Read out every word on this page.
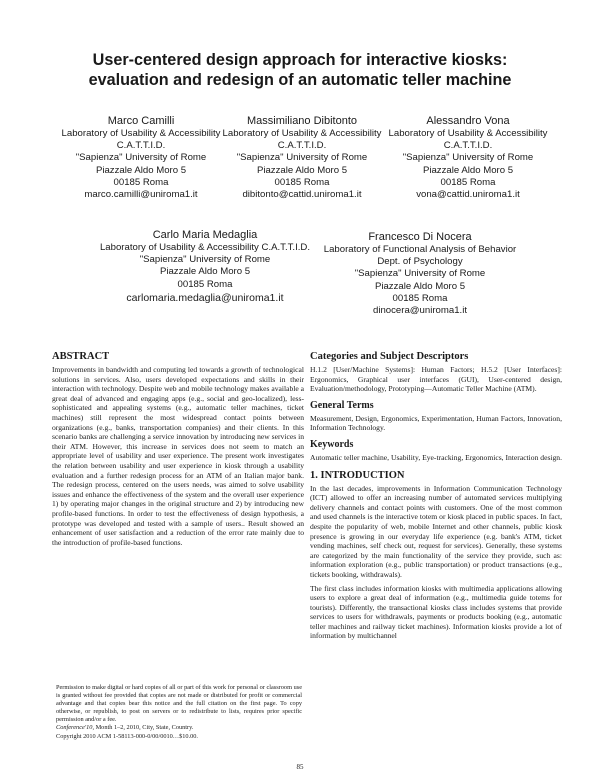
User-centered design approach for interactive kiosks:
evaluation and redesign of an automatic teller machine
Marco Camilli
Laboratory of Usability & Accessibility
C.A.T.T.I.D.
"Sapienza" University of Rome
Piazzale Aldo Moro 5
00185 Roma
marco.camilli@uniroma1.it
Massimiliano Dibitonto
Laboratory of Usability & Accessibility
C.A.T.T.I.D.
"Sapienza" University of Rome
Piazzale Aldo Moro 5
00185 Roma
dibitonto@cattid.uniroma1.it
Alessandro Vona
Laboratory of Usability & Accessibility
C.A.T.T.I.D.
"Sapienza" University of Rome
Piazzale Aldo Moro 5
00185 Roma
vona@cattid.uniroma1.it
Carlo Maria Medaglia
Laboratory of Usability & Accessibility C.A.T.T.I.D.
"Sapienza" University of Rome
Piazzale Aldo Moro 5
00185 Roma
carlomaria.medaglia@uniroma1.it
Francesco Di Nocera
Laboratory of Functional Analysis of Behavior
Dept. of Psychology
"Sapienza" University of Rome
Piazzale Aldo Moro 5
00185 Roma
dinocera@uniroma1.it
ABSTRACT

Improvements in bandwidth and computing led towards a growth of technological solutions in services. Also, users developed expectations and skills in their interaction with technology. Despite web and mobile technology makes available a great deal of advanced and engaging apps (e.g., social and geo-localized), less-sophisticated and appealing systems (e.g., automatic teller machines, ticket machines) still represent the most widespread contact points between organizations (e.g., banks, transportation companies) and their clients. In this scenario banks are challenging a service innovation by introducing new services in their ATM. However, this increase in services does not seem to match an appropriate level of usability and user experience. The present work investigates the relation between usability and user experience in kiosk through a usability evaluation and a further redesign process for an ATM of an Italian major bank. The redesign process, centered on the users needs, was aimed to solve usability issues and enhance the effectiveness of the system and the overall user experience 1) by operating major changes in the original structure and 2) by introducing new profile-based functions. In order to test the effectiveness of design hypothesis, a prototype was developed and tested with a sample of users.. Result showed an enhancement of user satisfaction and a reduction of the error rate mainly due to the introduction of profile-based functions.

Permission to make digital or hard copies of all or part of this work for personal or classroom use is granted without fee provided that copies are not made or distributed for profit or commercial advantage and that copies bear this notice and the full citation on the first page. To copy otherwise, or republish, to post on servers or to redistribute to lists, requires prior specific permission and/or a fee.

Conference'10, Month 1–2, 2010, City, State, Country.

Copyright 2010 ACM 1-58113-000-0/00/0010…$10.00.

Categories and Subject Descriptors

H.1.2 [User/Machine Systems]: Human Factors; H.5.2 [User Interfaces]: Ergonomics, Graphical user interfaces (GUI), User-centered design, Evaluation/methodology, Prototyping—Automatic Teller Machine (ATM).

General Terms

Measurement, Design, Ergonomics, Experimentation, Human Factors, Innovation, Information Technology.

Keywords

Automatic teller machine, Usability, Eye-tracking, Ergonomics, Interaction design.

1. INTRODUCTION

In the last decades, improvements in Information Communication Technology (ICT) allowed to offer an increasing number of automated services multiplying delivery channels and contact points with customers. One of the most common and used channels is the interactive totem or kiosk placed in public spaces. In fact, despite the popularity of web, mobile Internet and other channels, public kiosk presence is growing in our everyday life experience (e.g. bank's ATM, ticket vending machines, self check out, request for services). Generally, these systems are categorized by the main functionality of the service they provide, such as: information exploration (e.g., public transportation) or product transactions (e.g., tickets booking, withdrawals).

The first class includes information kiosks with multimedia applications allowing users to explore a great deal of information (e.g., multimedia guide totems for tourists). Differently, the transactional kiosks class includes systems that provide services to users for withdrawals, payments or products booking (e.g., automatic teller machines and railway ticket machines). Information kiosks provide a lot of information by multichannel

85
